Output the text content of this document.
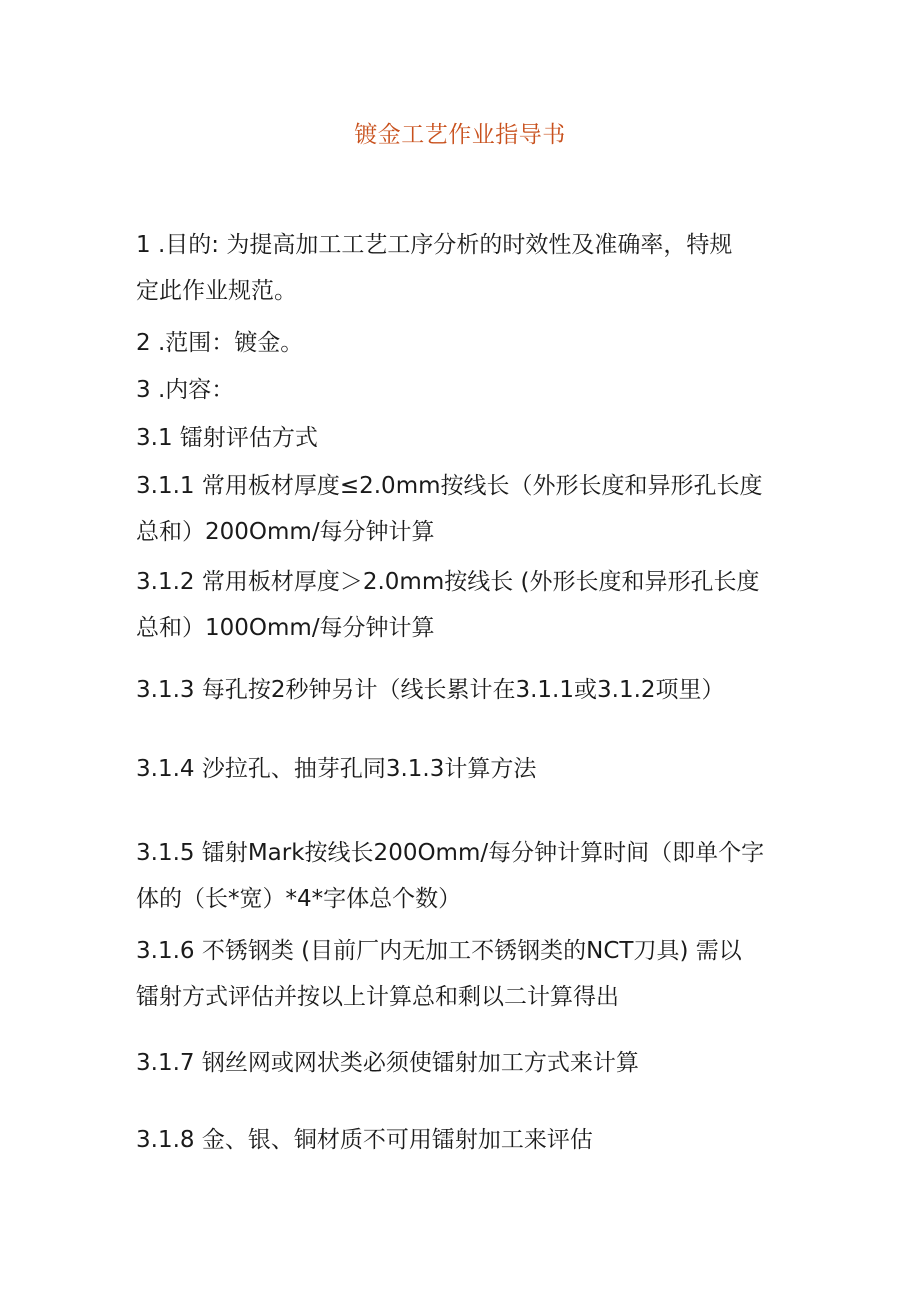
镀金工艺作业指导书
1 .目的: 为提高加工工艺工序分析的时效性及准确率，特规
定此作业规范。
2 .范围：镀金。
3 .内容：
3.1 镭射评估方式
3.1.1 常用板材厚度≤2.0mm按线长（外形长度和异形孔长度
总和）200Omm/每分钟计算
3.1.2 常用板材厚度＞2.0mm按线长 (外形长度和异形孔长度
总和）100Omm/每分钟计算
3.1.3 每孔按2秒钟另计（线长累计在3.1.1或3.1.2项里）
3.1.4 沙拉孔、抽芽孔同3.1.3计算方法
3.1.5 镭射Mark按线长200Omm/每分钟计算时间（即单个字
体的（长*宽）*4*字体总个数）
3.1.6 不锈钢类 (目前厂内无加工不锈钢类的NCT刀具) 需以
镭射方式评估并按以上计算总和剩以二计算得出
3.1.7 钢丝网或网状类必须使镭射加工方式来计算
3.1.8 金、银、铜材质不可用镭射加工来评估
